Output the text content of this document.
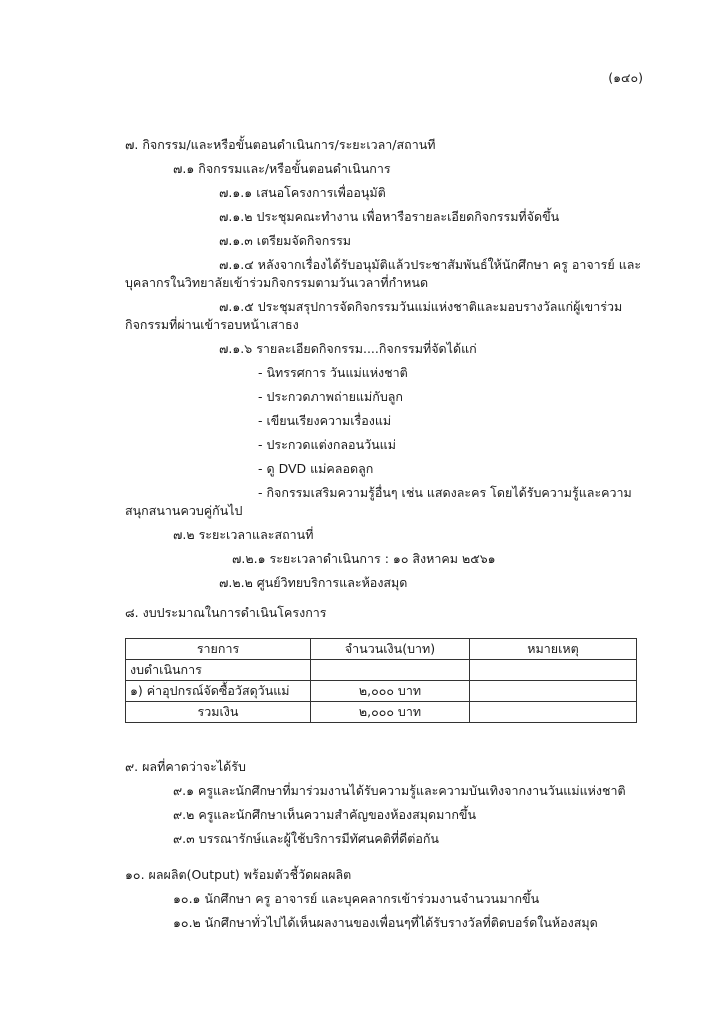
(๑๔๐)
๗. กิจกรรม/และหรือขั้นตอนดำเนินการ/ระยะเวลา/สถานที
๗.๑ กิจกรรมและ/หรือขั้นตอนดำเนินการ
๗.๑.๑ เสนอโครงการเพื่ออนุมัติ
๗.๑.๒ ประชุมคณะทำงาน เพื่อหารือรายละเอียดกิจกรรมที่จัดขึ้น
๗.๑.๓ เตรียมจัดกิจกรรม
๗.๑.๔ หลังจากเรื่องได้รับอนุมัติแล้วประชาสัมพันธ์ให้นักศึกษา ครู อาจารย์ และ
บุคลากรในวิทยาลัยเข้าร่วมกิจกรรมตามวันเวลาที่กำหนด
๗.๑.๕ ประชุมสรุปการจัดกิจกรรมวันแม่แห่งชาติและมอบรางวัลแก่ผู้เขาร่วม
กิจกรรมที่ผ่านเข้ารอบหน้าเสาธง
๗.๑.๖ รายละเอียดกิจกรรม....กิจกรรมที่จัดได้แก่
- นิทรรศการ วันแม่แห่งชาติ
- ประกวดภาพถ่ายแม่กับลูก
- เขียนเรียงความเรื่องแม่
- ประกวดแต่งกลอนวันแม่
- ดู DVD แม่คลอดลูก
- กิจกรรมเสริมความรู้อื่นๆ เช่น แสดงละคร โดยได้รับความรู้และความ
สนุกสนานควบคู่กันไป
๗.๒ ระยะเวลาและสถานที่
๗.๒.๑ ระยะเวลาดำเนินการ : ๑๐ สิงหาคม ๒๕๖๑
๗.๒.๒ ศูนย์วิทยบริการและห้องสมุด
๘. งบประมาณในการดำเนินโครงการ
รายการ	จำนวนเงิน(บาท)	หมายเหตุ
งบดำเนินการ		
๑) ค่าอุปกรณ์จัดซื้อวัสดุวันแม่	๒,๐๐๐ บาท	
รวมเงิน	๒,๐๐๐ บาท	
๙. ผลที่คาดว่าจะได้รับ
๙.๑ ครูและนักศึกษาที่มาร่วมงานได้รับความรู้และความบันเทิงจากงานวันแม่แห่งชาติ
๙.๒ ครูและนักศึกษาเห็นความสำคัญของห้องสมุดมากขึ้น
๙.๓ บรรณารักษ์และผู้ใช้บริการมีทัศนคติที่ดีต่อกัน
๑๐. ผลผลิต(Output) พร้อมตัวชี้วัดผลผลิต
๑๐.๑ นักศึกษา ครู อาจารย์ และบุคคลากรเข้าร่วมงานจำนวนมากขึ้น
๑๐.๒ นักศึกษาทั่วไปได้เห็นผลงานของเพื่อนๆที่ได้รับรางวัลที่ติดบอร์ดในห้องสมุด
